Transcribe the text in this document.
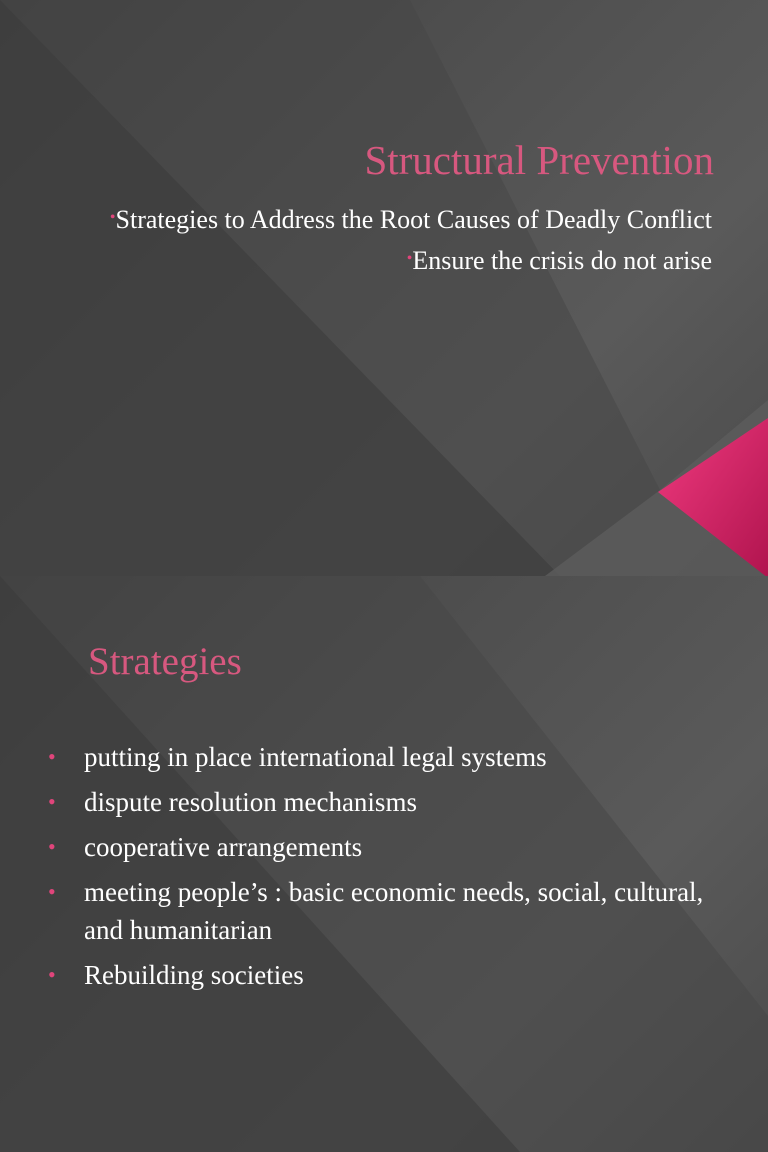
Structural Prevention
•Strategies to Address the Root Causes of Deadly Conflict
•Ensure the crisis do not arise
Strategies
• putting in place international legal systems
• dispute resolution mechanisms
• cooperative arrangements
• meeting people’s : basic economic needs, social, cultural, and humanitarian
• Rebuilding societies
